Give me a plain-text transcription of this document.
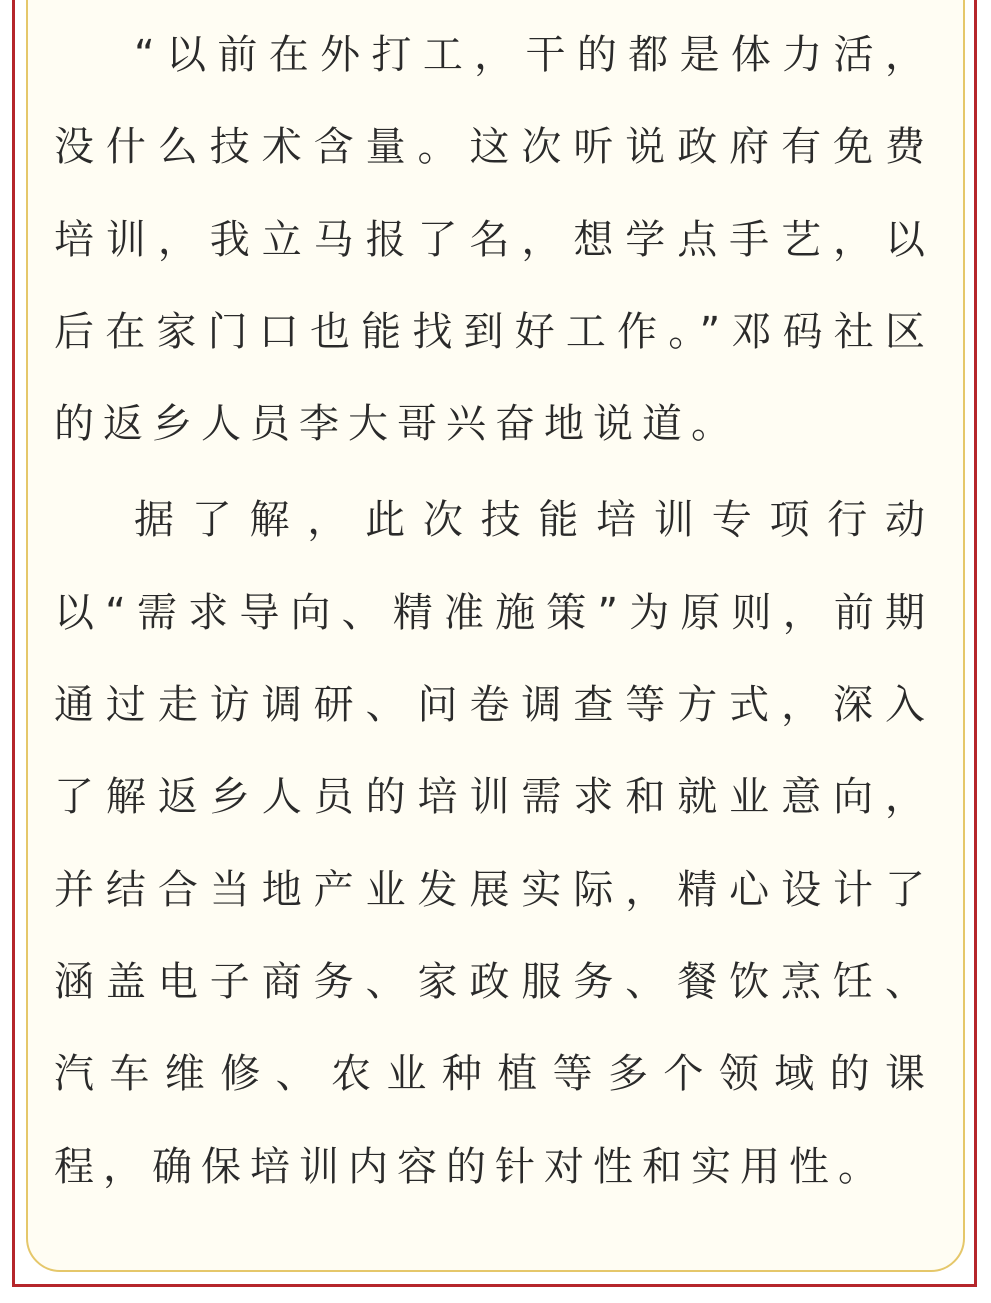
“以前在外打工，干的都是体力活，没什么技术含量。这次听说政府有免费培训，我立马报了名，想学点手艺，以后在家门口也能找到好工作。”邓码社区的返乡人员李大哥兴奋地说道。

据了解，此次技能培训专项行动以“需求导向、精准施策”为原则，前期通过走访调研、问卷调查等方式，深入了解返乡人员的培训需求和就业意向，并结合当地产业发展实际，精心设计了涵盖电子商务、家政服务、餐饮烹饪、汽车维修、农业种植等多个领域的课程，确保培训内容的针对性和实用性。
